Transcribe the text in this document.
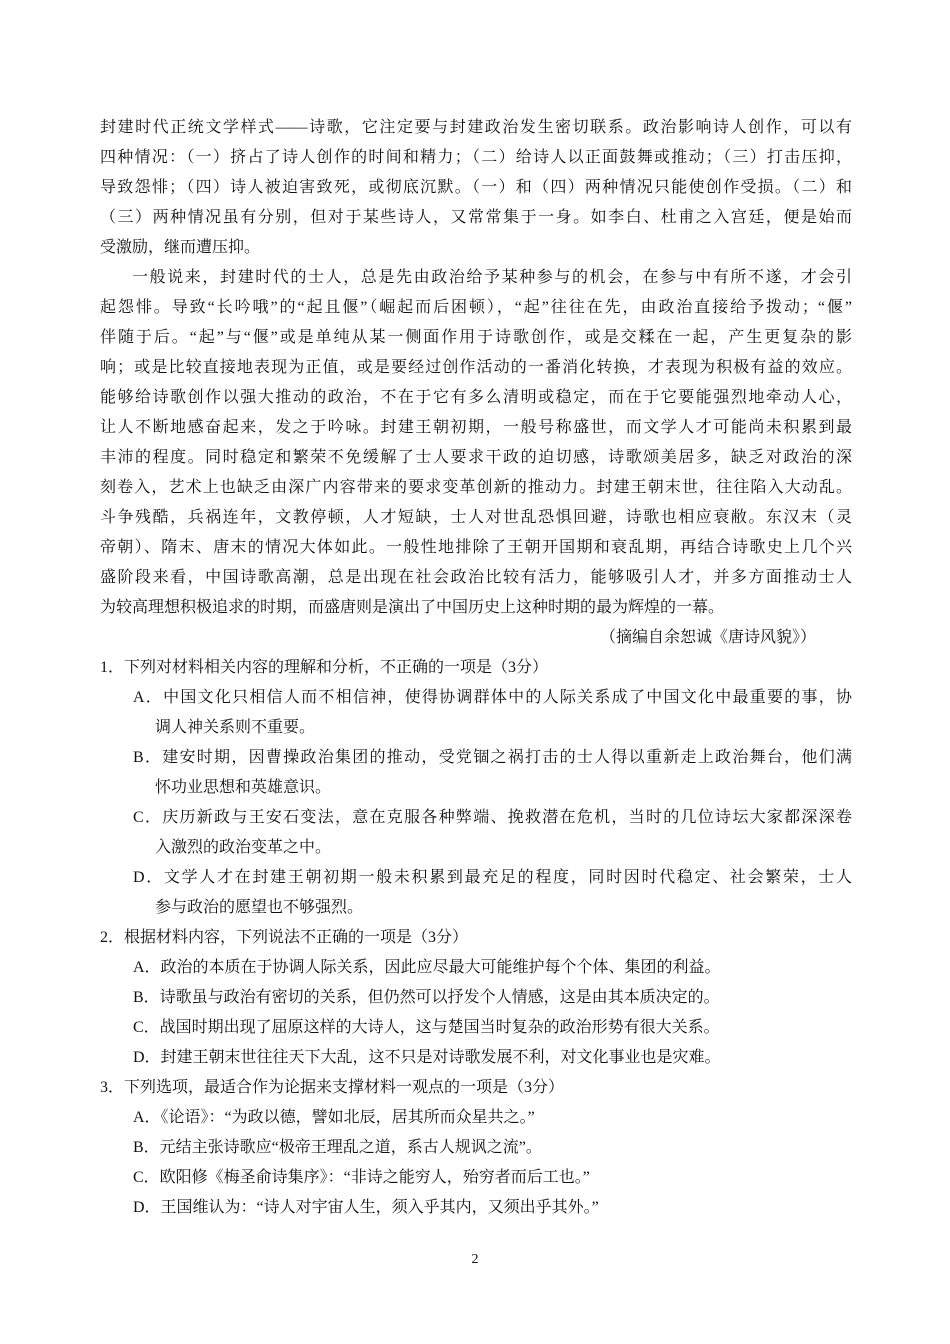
封建时代正统文学样式——诗歌，它注定要与封建政治发生密切联系。政治影响诗人创作，可以有
四种情况：（一）挤占了诗人创作的时间和精力；（二）给诗人以正面鼓舞或推动；（三）打击压抑，
导致怨悱；（四）诗人被迫害致死，或彻底沉默。（一）和（四）两种情况只能使创作受损。（二）和
（三）两种情况虽有分别，但对于某些诗人，又常常集于一身。如李白、杜甫之入宫廷，便是始而
受激励，继而遭压抑。
一般说来，封建时代的士人，总是先由政治给予某种参与的机会，在参与中有所不遂，才会引
起怨悱。导致“长吟哦”的“起且偃”（崛起而后困顿），“起”往往在先，由政治直接给予拨动；“偃”
伴随于后。“起”与“偃”或是单纯从某一侧面作用于诗歌创作，或是交糅在一起，产生更复杂的影
响；或是比较直接地表现为正值，或是要经过创作活动的一番消化转换，才表现为积极有益的效应。
能够给诗歌创作以强大推动的政治，不在于它有多么清明或稳定，而在于它要能强烈地牵动人心，
让人不断地感奋起来，发之于吟咏。封建王朝初期，一般号称盛世，而文学人才可能尚未积累到最
丰沛的程度。同时稳定和繁荣不免缓解了士人要求干政的迫切感，诗歌颂美居多，缺乏对政治的深
刻卷入，艺术上也缺乏由深广内容带来的要求变革创新的推动力。封建王朝末世，往往陷入大动乱。
斗争残酷，兵祸连年，文教停顿，人才短缺，士人对世乱恐惧回避，诗歌也相应衰敝。东汉末（灵
帝朝）、隋末、唐末的情况大体如此。一般性地排除了王朝开国期和衰乱期，再结合诗歌史上几个兴
盛阶段来看，中国诗歌高潮，总是出现在社会政治比较有活力，能够吸引人才，并多方面推动士人
为较高理想积极追求的时期，而盛唐则是演出了中国历史上这种时期的最为辉煌的一幕。
（摘编自余恕诚《唐诗风貌》）
1．下列对材料相关内容的理解和分析，不正确的一项是（3分）
A．中国文化只相信人而不相信神，使得协调群体中的人际关系成了中国文化中最重要的事，协
调人神关系则不重要。
B．建安时期，因曹操政治集团的推动，受党锢之祸打击的士人得以重新走上政治舞台，他们满
怀功业思想和英雄意识。
C．庆历新政与王安石变法，意在克服各种弊端、挽救潜在危机，当时的几位诗坛大家都深深卷
入激烈的政治变革之中。
D．文学人才在封建王朝初期一般未积累到最充足的程度，同时因时代稳定、社会繁荣，士人
参与政治的愿望也不够强烈。
2．根据材料内容，下列说法不正确的一项是（3分）
A．政治的本质在于协调人际关系，因此应尽最大可能维护每个个体、集团的利益。
B．诗歌虽与政治有密切的关系，但仍然可以抒发个人情感，这是由其本质决定的。
C．战国时期出现了屈原这样的大诗人，这与楚国当时复杂的政治形势有很大关系。
D．封建王朝末世往往天下大乱，这不只是对诗歌发展不利，对文化事业也是灾难。
3．下列选项，最适合作为论据来支撑材料一观点的一项是（3分）
A．《论语》：“为政以德，譬如北辰，居其所而众星共之。”
B．元结主张诗歌应“极帝王理乱之道，系古人规讽之流”。
C．欧阳修《梅圣俞诗集序》：“非诗之能穷人，殆穷者而后工也。”
D．王国维认为：“诗人对宇宙人生，须入乎其内，又须出乎其外。”
2
